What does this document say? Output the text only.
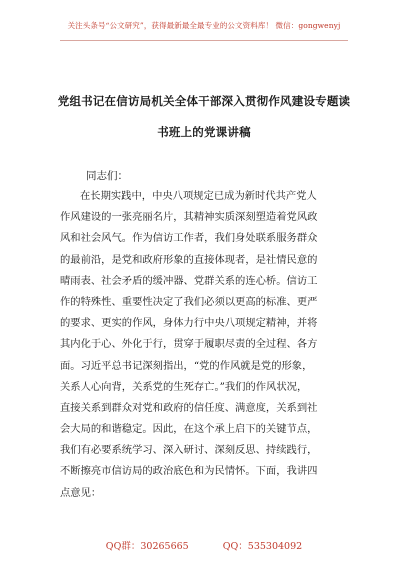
关注头条号“公文研究”，获得最新最全最专业的公文资料库！ 微信：gongwenyj
党组书记在信访局机关全体干部深入贯彻作风建设专题读
书班上的党课讲稿
同志们：
在长期实践中，中央八项规定已成为新时代共产党人
作风建设的一张亮丽名片，其精神实质深刻塑造着党风政
风和社会风气。作为信访工作者，我们身处联系服务群众
的最前沿，是党和政府形象的直接体现者，是社情民意的
晴雨表、社会矛盾的缓冲器、党群关系的连心桥。信访工
作的特殊性、重要性决定了我们必须以更高的标准、更严
的要求、更实的作风，身体力行中央八项规定精神，并将
其内化于心、外化于行，贯穿于履职尽责的全过程、各方
面。习近平总书记深刻指出，“党的作风就是党的形象，
关系人心向背，关系党的生死存亡。”我们的作风状况，
直接关系到群众对党和政府的信任度、满意度，关系到社
会大局的和谐稳定。因此，在这个承上启下的关键节点，
我们有必要系统学习、深入研讨、深刻反思、持续践行，
不断擦亮市信访局的政治底色和为民情怀。下面，我讲四
点意见：
QQ群：30265665	QQ：535304092
